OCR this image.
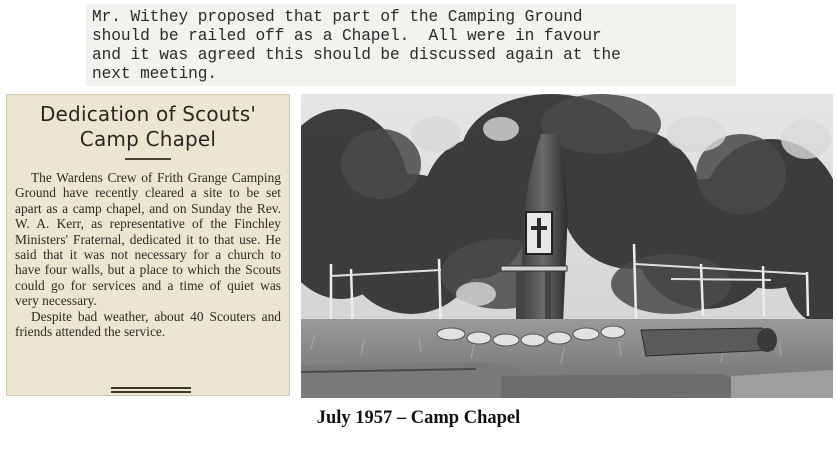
Mr. Withey proposed that part of the Camping Ground
should be railed off as a Chapel.  All were in favour
and it was agreed this should be discussed again at the
next meeting.
Dedication of Scouts'
Camp Chapel

The Wardens Crew of Frith Grange Camping Ground have recently cleared a site to be set apart as a camp chapel, and on Sunday the Rev. W. A. Kerr, as representative of the Finchley Ministers' Fraternal, dedicated it to that use. He said that it was not necessary for a church to have four walls, but a place to which the Scouts could go for services and a time of quiet was very necessary.

Despite bad weather, about 40 Scouters and friends attended the service.

July 1957 – Camp Chapel
